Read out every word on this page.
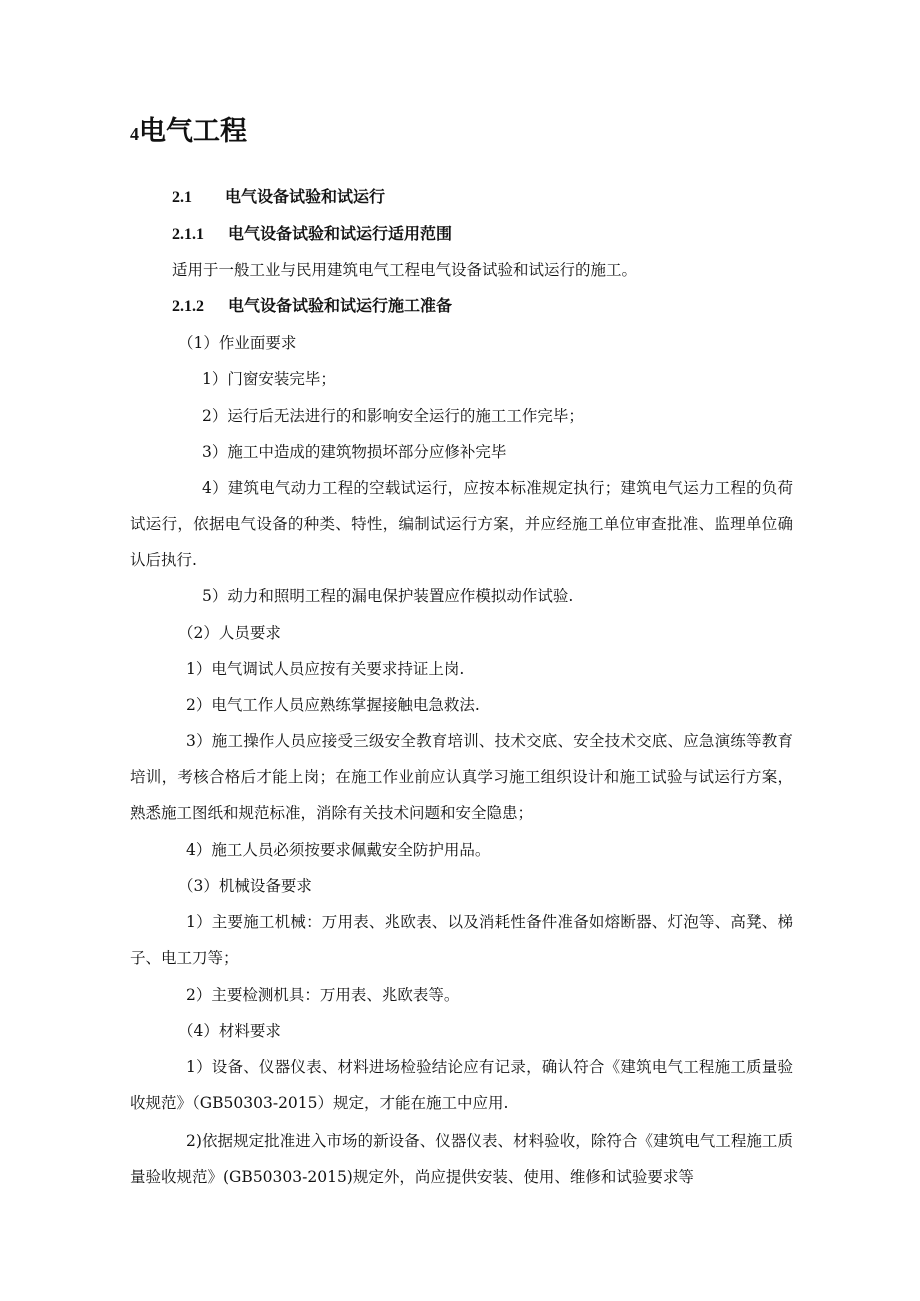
4电气工程
2.1 电气设备试验和试运行
2.1.1 电气设备试验和试运行适用范围
适用于一般工业与民用建筑电气工程电气设备试验和试运行的施工。
2.1.2 电气设备试验和试运行施工准备
（1）作业面要求
1）门窗安装完毕；
2）运行后无法进行的和影响安全运行的施工工作完毕；
3）施工中造成的建筑物损坏部分应修补完毕
4）建筑电气动力工程的空载试运行，应按本标准规定执行；建筑电气运力工程的负荷试运行，依据电气设备的种类、特性，编制试运行方案，并应经施工单位审查批准、监理单位确认后执行.
5）动力和照明工程的漏电保护装置应作模拟动作试验.
（2）人员要求
1）电气调试人员应按有关要求持证上岗.
2）电气工作人员应熟练掌握接触电急救法.
3）施工操作人员应接受三级安全教育培训、技术交底、安全技术交底、应急演练等教育培训，考核合格后才能上岗；在施工作业前应认真学习施工组织设计和施工试验与试运行方案，熟悉施工图纸和规范标准，消除有关技术问题和安全隐患；
4）施工人员必须按要求佩戴安全防护用品。
（3）机械设备要求
1）主要施工机械：万用表、兆欧表、以及消耗性备件准备如熔断器、灯泡等、高凳、梯子、电工刀等；
2）主要检测机具：万用表、兆欧表等。
（4）材料要求
1）设备、仪器仪表、材料进场检验结论应有记录，确认符合《建筑电气工程施工质量验收规范》（GB50303-2015）规定，才能在施工中应用.
2)依据规定批准进入市场的新设备、仪器仪表、材料验收，除符合《建筑电气工程施工质量验收规范》(GB50303-2015)规定外，尚应提供安装、使用、维修和试验要求等
